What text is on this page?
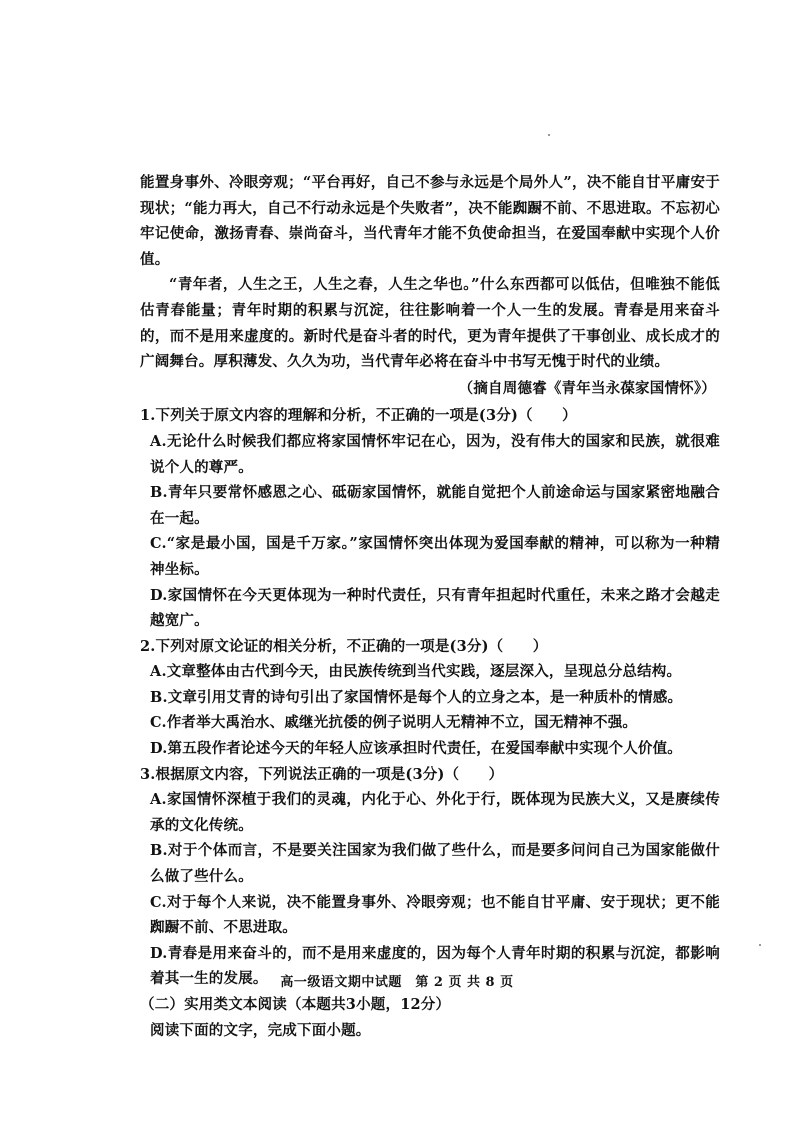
能置身事外、冷眼旁观；“平台再好，自己不参与永远是个局外人”，决不能自甘平庸安于现状；“能力再大，自己不行动永远是个失败者”，决不能踟蹰不前、不思进取。不忘初心牢记使命，激扬青春、崇尚奋斗，当代青年才能不负使命担当，在爱国奉献中实现个人价值。

“青年者，人生之王，人生之春，人生之华也。”什么东西都可以低估，但唯独不能低估青春能量；青年时期的积累与沉淀，往往影响着一个人一生的发展。青春是用来奋斗的，而不是用来虚度的。新时代是奋斗者的时代，更为青年提供了干事创业、成长成才的广阔舞台。厚积薄发、久久为功，当代青年必将在奋斗中书写无愧于时代的业绩。

（摘自周德睿《青年当永葆家国情怀》）

1.下列关于原文内容的理解和分析，不正确的一项是(3分)（　　）

A.无论什么时候我们都应将家国情怀牢记在心，因为，没有伟大的国家和民族，就很难说个人的尊严。

B.青年只要常怀感恩之心、砥砺家国情怀，就能自觉把个人前途命运与国家紧密地融合在一起。

C.“家是最小国，国是千万家。”家国情怀突出体现为爱国奉献的精神，可以称为一种精神坐标。

D.家国情怀在今天更体现为一种时代责任，只有青年担起时代重任，未来之路才会越走越宽广。

2.下列对原文论证的相关分析，不正确的一项是(3分)（　　）

A.文章整体由古代到今天，由民族传统到当代实践，逐层深入，呈现总分总结构。

B.文章引用艾青的诗句引出了家国情怀是每个人的立身之本，是一种质朴的情感。

C.作者举大禹治水、戚继光抗倭的例子说明人无精神不立，国无精神不强。

D.第五段作者论述今天的年轻人应该承担时代责任，在爱国奉献中实现个人价值。

3.根据原文内容，下列说法正确的一项是(3分)（　　）

A.家国情怀深植于我们的灵魂，内化于心、外化于行，既体现为民族大义，又是赓续传承的文化传统。

B.对于个体而言，不是要关注国家为我们做了些什么，而是要多问问自己为国家能做什么做了些什么。

C.对于每个人来说，决不能置身事外、冷眼旁观；也不能自甘平庸、安于现状；更不能踟蹰不前、不思进取。

D.青春是用来奋斗的，而不是用来虚度的，因为每个人青年时期的积累与沉淀，都影响着其一生的发展。

（二）实用类文本阅读（本题共3小题，12分）

阅读下面的文字，完成下面小题。

高一级语文期中试题　第 2 页 共 8 页
